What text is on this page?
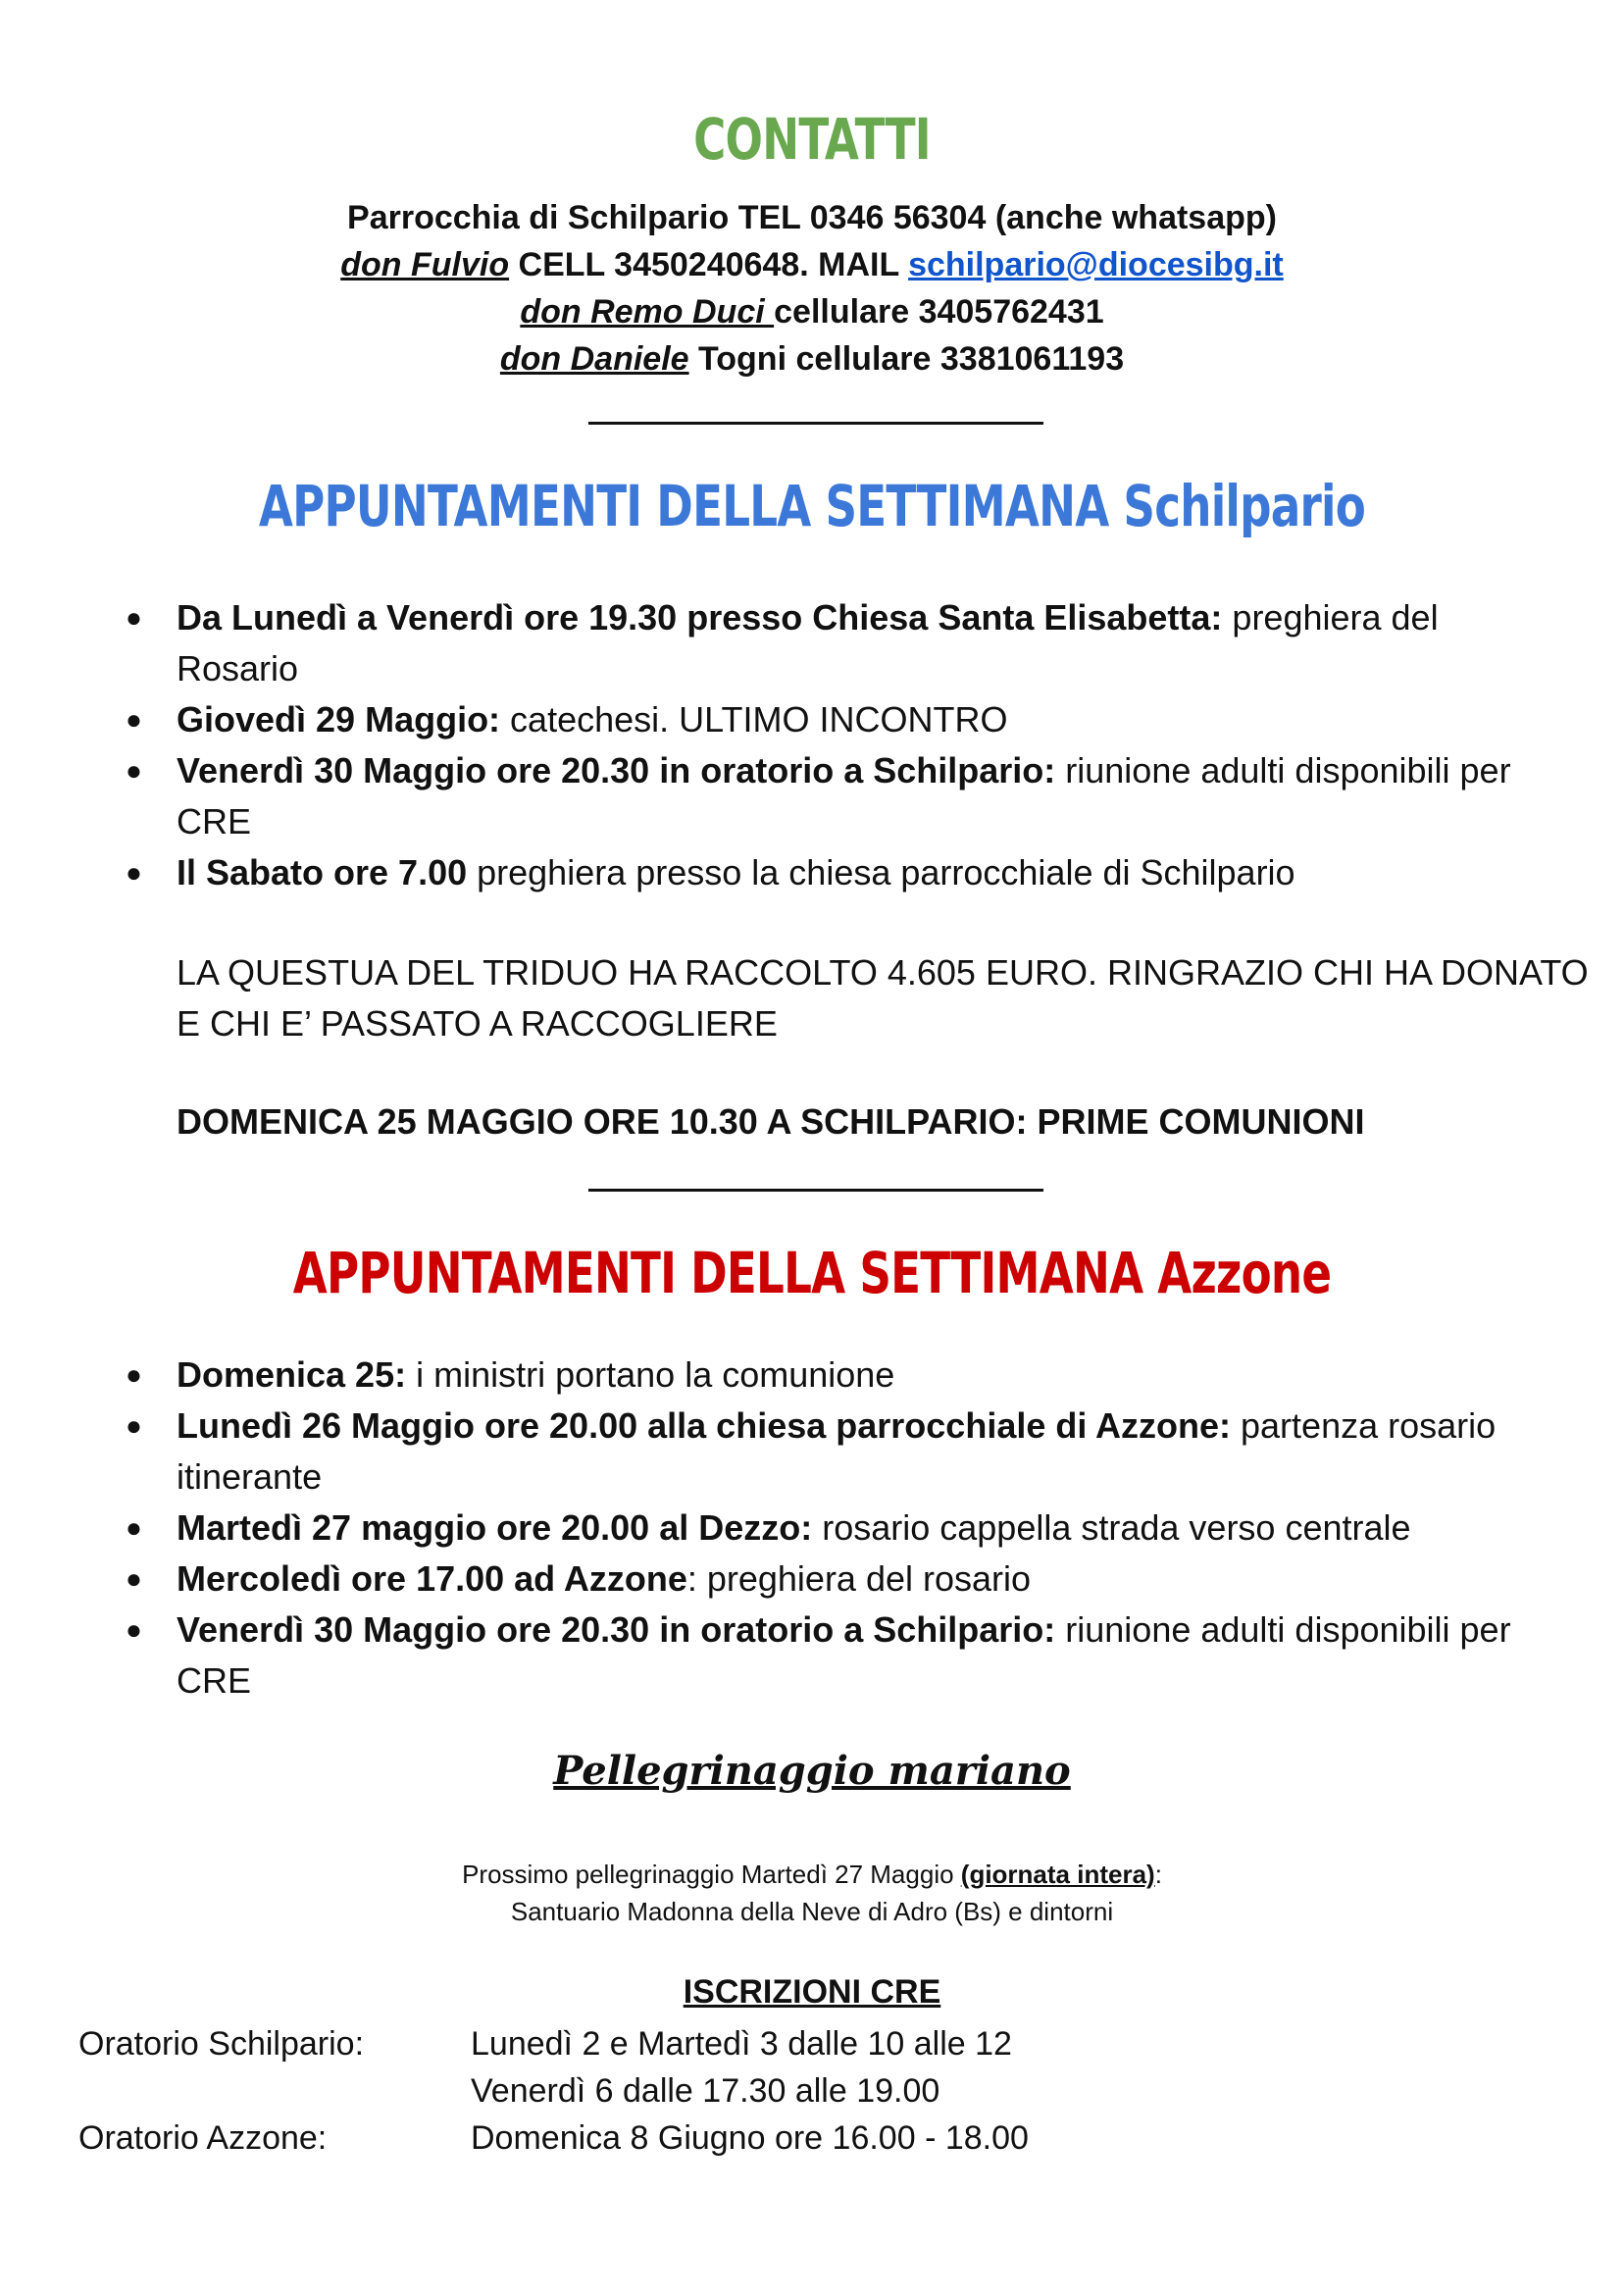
CONTATTI
Parrocchia di Schilpario TEL 0346 56304 (anche whatsapp)
don Fulvio CELL 3450240648. MAIL schilpario@diocesibg.it
don Remo Duci cellulare 3405762431
don Daniele Togni cellulare 3381061193
APPUNTAMENTI DELLA SETTIMANA Schilpario
● Da Lunedì a Venerdì ore 19.30 presso Chiesa Santa Elisabetta: preghiera del Rosario
● Giovedì 29 Maggio: catechesi. ULTIMO INCONTRO
● Venerdì 30 Maggio ore 20.30 in oratorio a Schilpario: riunione adulti disponibili per CRE
● Il Sabato ore 7.00 preghiera presso la chiesa parrocchiale di Schilpario
LA QUESTUA DEL TRIDUO HA RACCOLTO 4.605 EURO. RINGRAZIO CHI HA DONATO E CHI E’ PASSATO A RACCOGLIERE
DOMENICA 25 MAGGIO ORE 10.30 A SCHILPARIO: PRIME COMUNIONI
APPUNTAMENTI DELLA SETTIMANA Azzone
● Domenica 25: i ministri portano la comunione
● Lunedì 26 Maggio ore 20.00 alla chiesa parrocchiale di Azzone: partenza rosario itinerante
● Martedì 27 maggio ore 20.00 al Dezzo: rosario cappella strada verso centrale
● Mercoledì ore 17.00 ad Azzone: preghiera del rosario
● Venerdì 30 Maggio ore 20.30 in oratorio a Schilpario: riunione adulti disponibili per CRE
Pellegrinaggio mariano
Prossimo pellegrinaggio Martedì 27 Maggio (giornata intera):
Santuario Madonna della Neve di Adro (Bs) e dintorni
ISCRIZIONI CRE
Oratorio Schilpario:	Lunedì 2 e Martedì 3 dalle 10 alle 12
Venerdì 6 dalle 17.30 alle 19.00
Oratorio Azzone:	Domenica 8 Giugno ore 16.00 - 18.00
